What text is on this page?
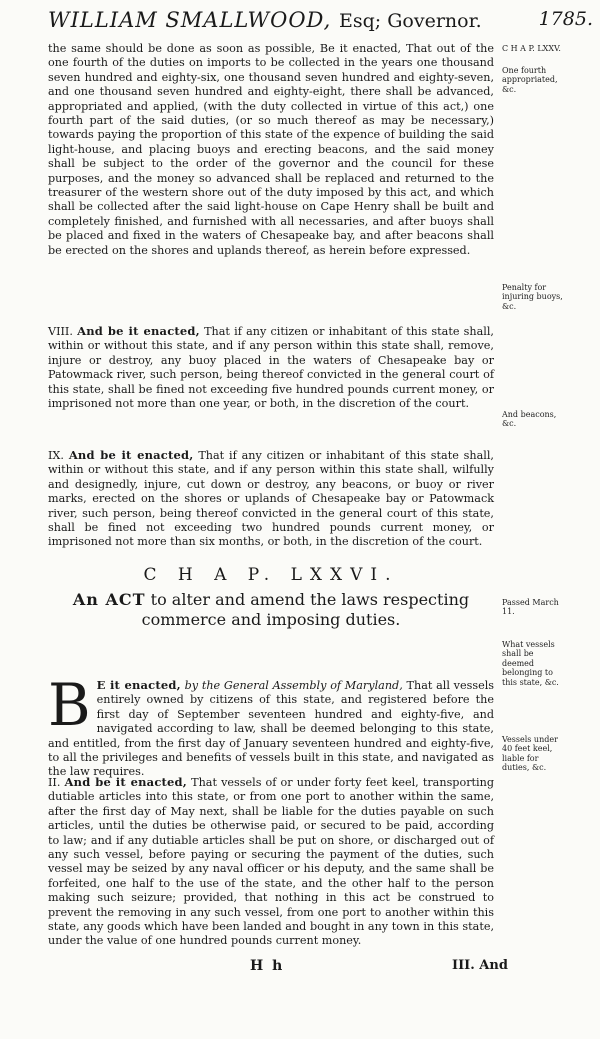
WILLIAM SMALLWOOD, Esq; Governor.	1785.
C H A P. LXXV.
One fourth appropriated, &c.
Penalty for injuring buoys, &c.
And beacons, &c.
Passed March 11.
What vessels shall be deemed belonging to this state, &c.
Vessels under 40 feet keel, liable for duties, &c.

the same should be done as soon as possible, Be it enacted, That out of the one fourth of the duties on imports to be collected in the years one thousand seven hundred and eighty-six, one thousand seven hundred and eighty-seven, and one thousand seven hundred and eighty-eight, there shall be advanced, appropriated and applied, (with the duty collected in virtue of this act,) one fourth part of the said duties, (or so much thereof as may be necessary,) towards paying the proportion of this state of the expence of building the said light-house, and placing buoys and erecting beacons, and the said money shall be subject to the order of the governor and the council for these purposes, and the money so advanced shall be replaced and returned to the treasurer of the western shore out of the duty imposed by this act, and which shall be collected after the said light-house on Cape Henry shall be built and completely finished, and furnished with all necessaries, and after buoys shall be placed and fixed in the waters of Chesapeake bay, and after beacons shall be erected on the shores and uplands thereof, as herein before expressed.

VIII. And be it enacted, That if any citizen or inhabitant of this state shall, within or without this state, and if any person within this state shall, remove, injure or destroy, any buoy placed in the waters of Chesapeake bay or Patowmack river, such person, being thereof convicted in the general court of this state, shall be fined not exceeding five hundred pounds current money, or imprisoned not more than one year, or both, in the discretion of the court.

IX. And be it enacted, That if any citizen or inhabitant of this state shall, within or without this state, and if any person within this state shall, wilfully and designedly, injure, cut down or destroy, any beacons, or buoy or river marks, erected on the shores or uplands of Chesapeake bay or Patowmack river, such person, being thereof convicted in the general court of this state, shall be fined not exceeding two hundred pounds current money, or imprisoned not more than six months, or both, in the discretion of the court.

B E it enacted, by the General Assembly of Maryland, That all vessels entirely owned by citizens of this state, and registered before the first day of September seventeen hundred and eighty-five, and navigated according to law, shall be deemed belonging to this state, and entitled, from the first day of January seventeen hundred and eighty-five, to all the privileges and benefits of vessels built in this state, and navigated as the law requires.

II. And be it enacted, That vessels of or under forty feet keel, transporting dutiable articles into this state, or from one port to another within the same, after the first day of May next, shall be liable for the duties payable on such articles, until the duties be otherwise paid, or secured to be paid, according to law; and if any dutiable articles shall be put on shore, or discharged out of any such vessel, before paying or securing the payment of the duties, such vessel may be seized by any naval officer or his deputy, and the same shall be forfeited, one half to the use of the state, and the other half to the person making such seizure; provided, that nothing in this act be construed to prevent the removing in any such vessel, from one port to another within this state, any goods which have been landed and bought in any town in this state, under the value of one hundred pounds current money.

C H A P. LXXVI.
An ACT to alter and amend the laws respecting commerce and imposing duties.
H h	III. And
